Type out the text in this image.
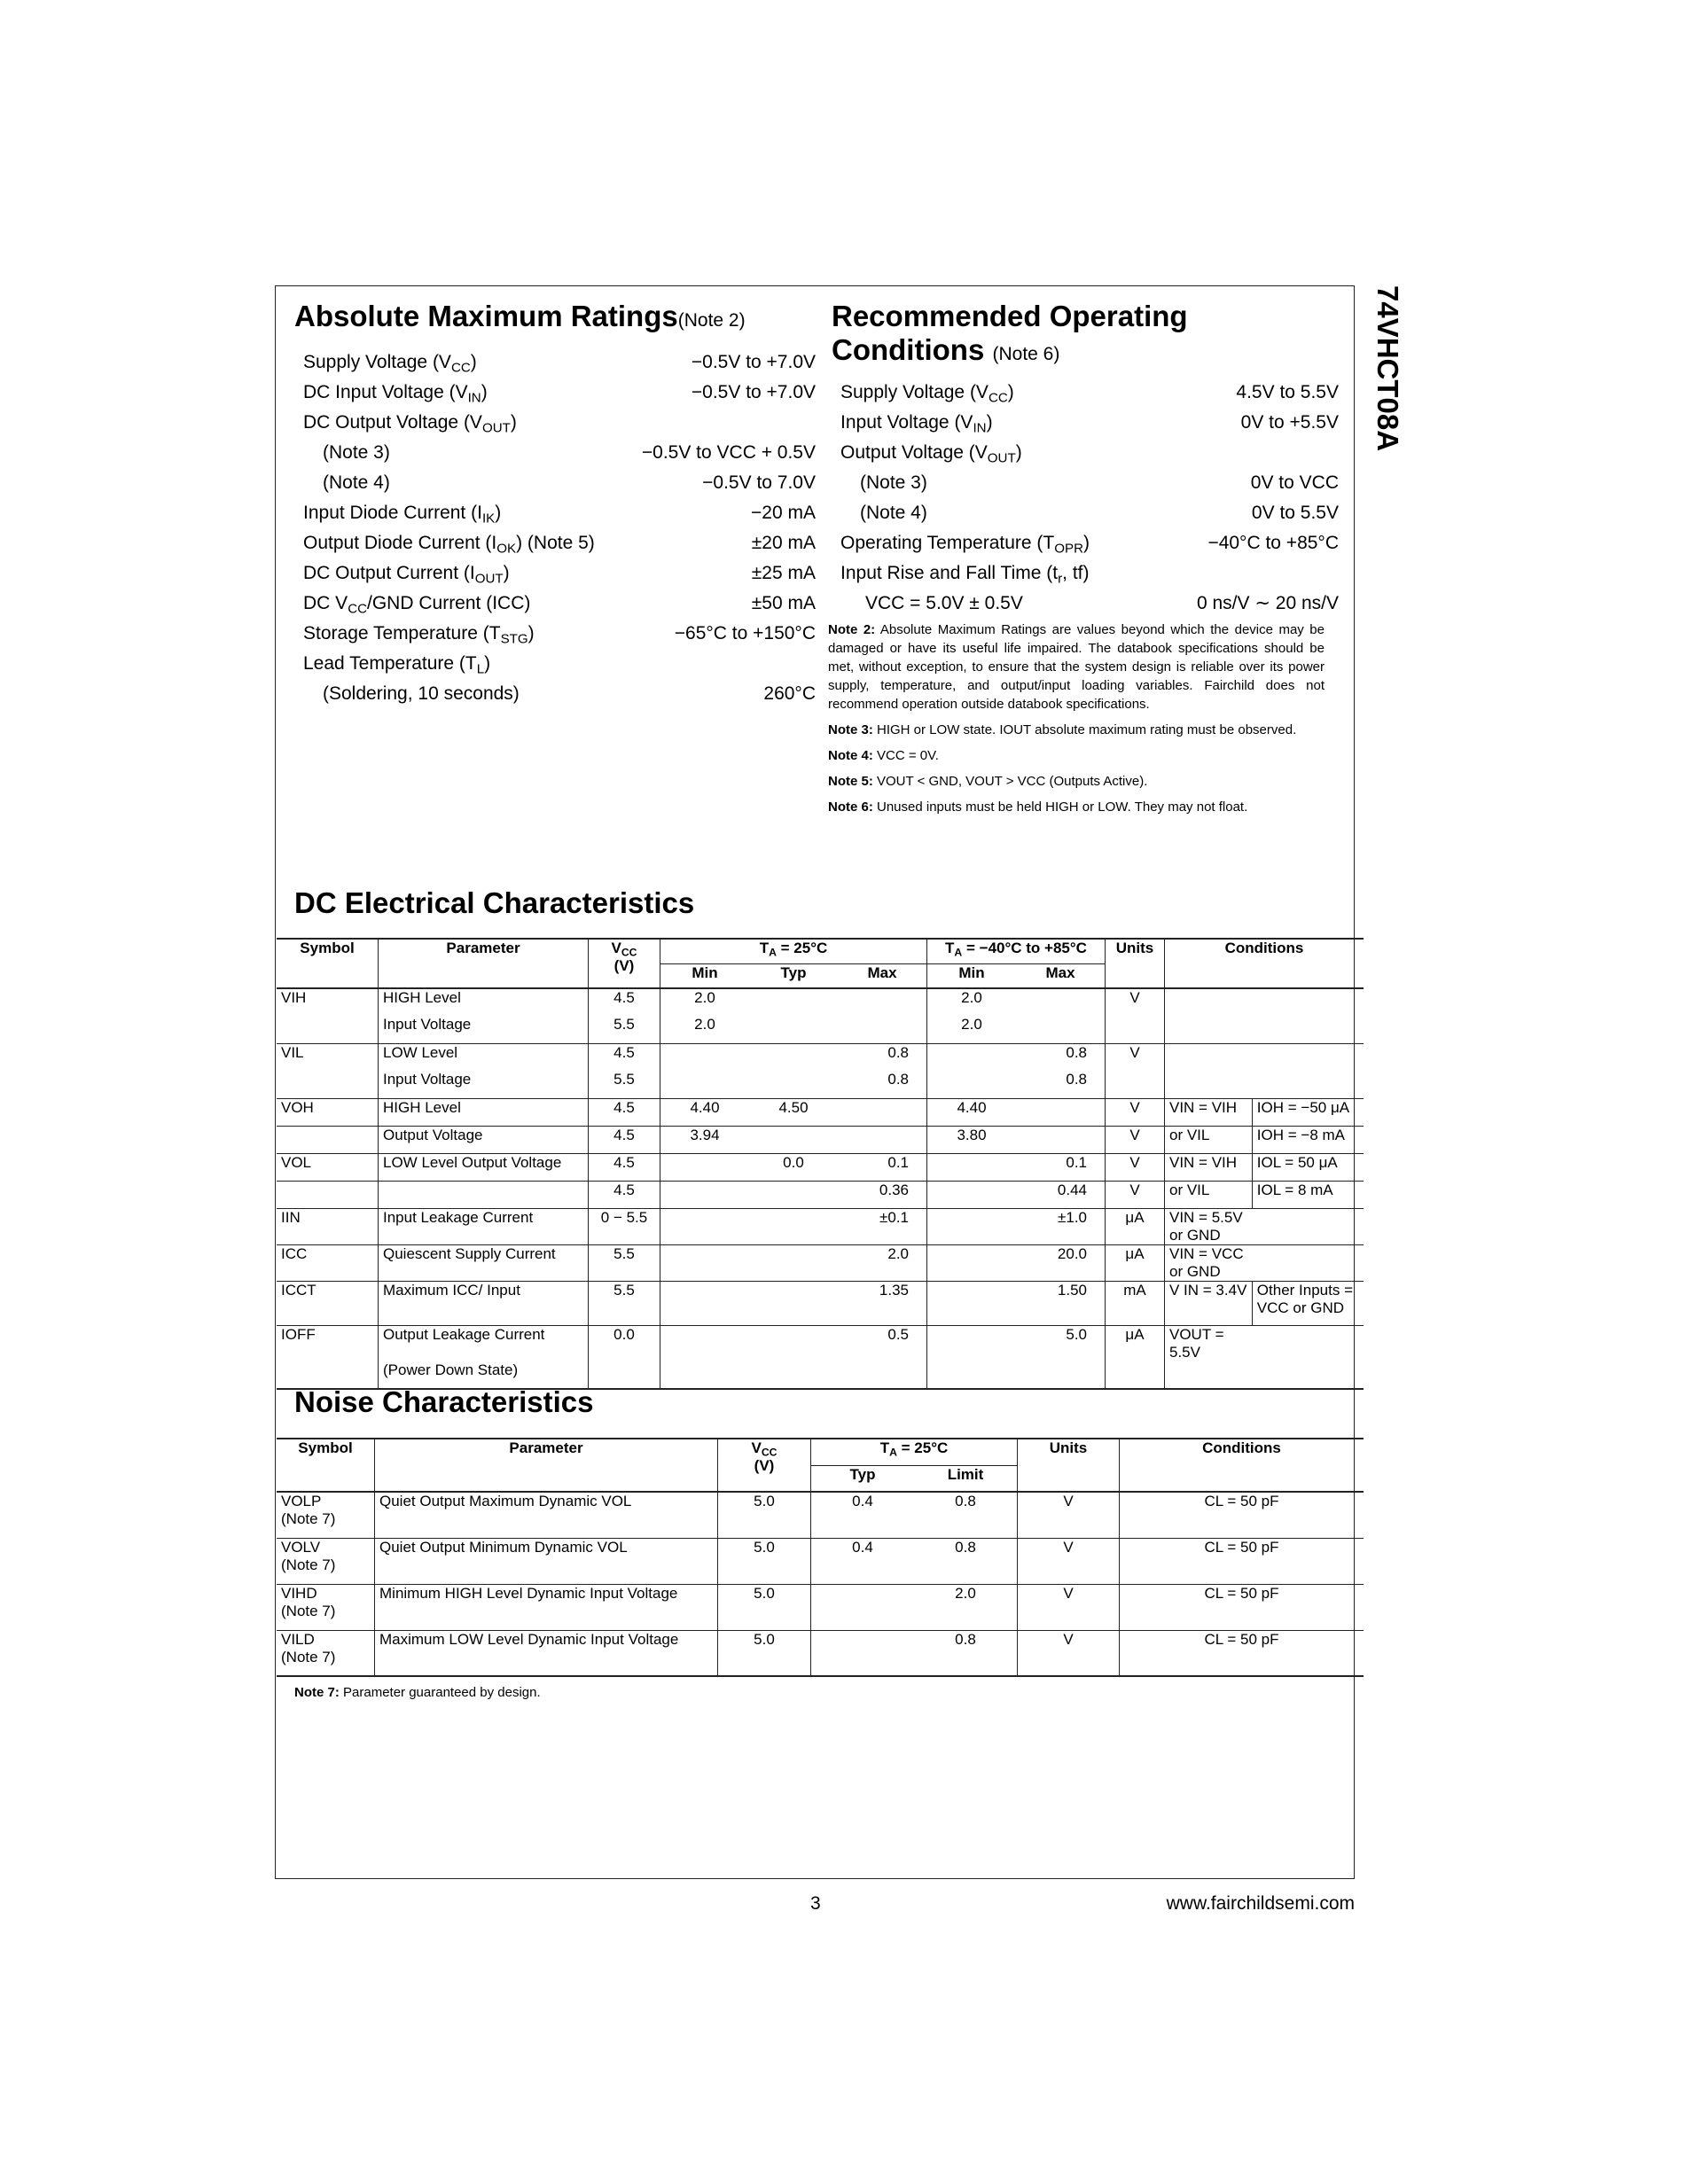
74VHCT08A
Absolute Maximum Ratings(Note 2)
Supply Voltage $(V_{CC})$	−0.5V to +7.0V
DC Input Voltage $(V_{IN})$	−0.5V to +7.0V
DC Output Voltage $(V_{OUT})$
(Note 3)	−0.5V to VCC + 0.5V
(Note 4)	−0.5V to 7.0V
Input Diode Current $(I_{IK})$	−20 mA
Output Diode Current $(I_{OK})$ (Note 5)	±20 mA
DC Output Current $(I_{OUT})$	±25 mA
DC $V_{CC}$/GND Current (ICC)	±50 mA
Storage Temperature $(T_{STG})$	−65°C to +150°C
Lead Temperature $(T_L)$
(Soldering, 10 seconds)	260°C
Recommended Operating
Conditions (Note 6)
Supply Voltage $(V_{CC})$	4.5V to 5.5V
Input Voltage $(V_{IN})$	0V to +5.5V
Output Voltage $(V_{OUT})$
(Note 3)	0V to VCC
(Note 4)	0V to 5.5V
Operating Temperature $(T_{OPR})$	−40°C to +85°C
Input Rise and Fall Time ($t_r$, tf)
VCC = 5.0V ± 0.5V	0 ns/V ∼ 20 ns/V

Note 2: Absolute Maximum Ratings are values beyond which the device may be damaged or have its useful life impaired. The databook specifications should be met, without exception, to ensure that the system design is reliable over its power supply, temperature, and output/input loading variables. Fairchild does not recommend operation outside databook specifications.

Note 3: HIGH or LOW state. IOUT absolute maximum rating must be observed.

Note 4: VCC = 0V.

Note 5: VOUT < GND, VOUT > VCC (Outputs Active).

Note 6: Unused inputs must be held HIGH or LOW. They may not float.

DC Electrical Characteristics
Symbol	Parameter	$V_{CC}$
(V)	$T_A = 25^\circ C$			$T_A = -40^\circ C$ to +85°C		Units	Conditions	
			Min	Typ	Max	Min	Max			
VIH	HIGH Level	4.5	2.0			2.0		V		
	Input Voltage	5.5	2.0			2.0				
VIL	LOW Level	4.5			0.8		0.8	V		
	Input Voltage	5.5			0.8		0.8			
VOH	HIGH Level	4.5	4.40	4.50		4.40		V	VIN = VIH	IOH = −50 μA
	Output Voltage	4.5	3.94			3.80		V	or VIL	IOH = −8 mA
VOL	LOW Level Output Voltage	4.5		0.0	0.1		0.1	V	VIN = VIH	IOL = 50 μA
		4.5			0.36		0.44	V	or VIL	IOL = 8 mA
IIN	Input Leakage Current	0 − 5.5			±0.1		±1.0	μA	VIN = 5.5V or GND	
ICC	Quiescent Supply Current	5.5			2.0		20.0	μA	VIN = VCC or GND	
ICCT	Maximum ICC/ Input	5.5			1.35		1.50	mA	V IN = 3.4V	Other Inputs = VCC or GND
IOFF	Output Leakage Current	0.0			0.5		5.0	μA	VOUT = 5.5V	
	(Power Down State)									
Noise Characteristics
Symbol	Parameter	$V_{CC}$
(V)	$T_A = 25^\circ C$		Units	Conditions
			Typ	Limit		
VOLP
(Note 7)	Quiet Output Maximum Dynamic VOL	5.0	0.4	0.8	V	CL = 50 pF
VOLV
(Note 7)	Quiet Output Minimum Dynamic VOL	5.0	0.4	0.8	V	CL = 50 pF
VIHD
(Note 7)	Minimum HIGH Level Dynamic Input Voltage	5.0		2.0	V	CL = 50 pF
VILD
(Note 7)	Maximum LOW Level Dynamic Input Voltage	5.0		0.8	V	CL = 50 pF
Note 7: Parameter guaranteed by design.
3	www.fairchildsemi.com
